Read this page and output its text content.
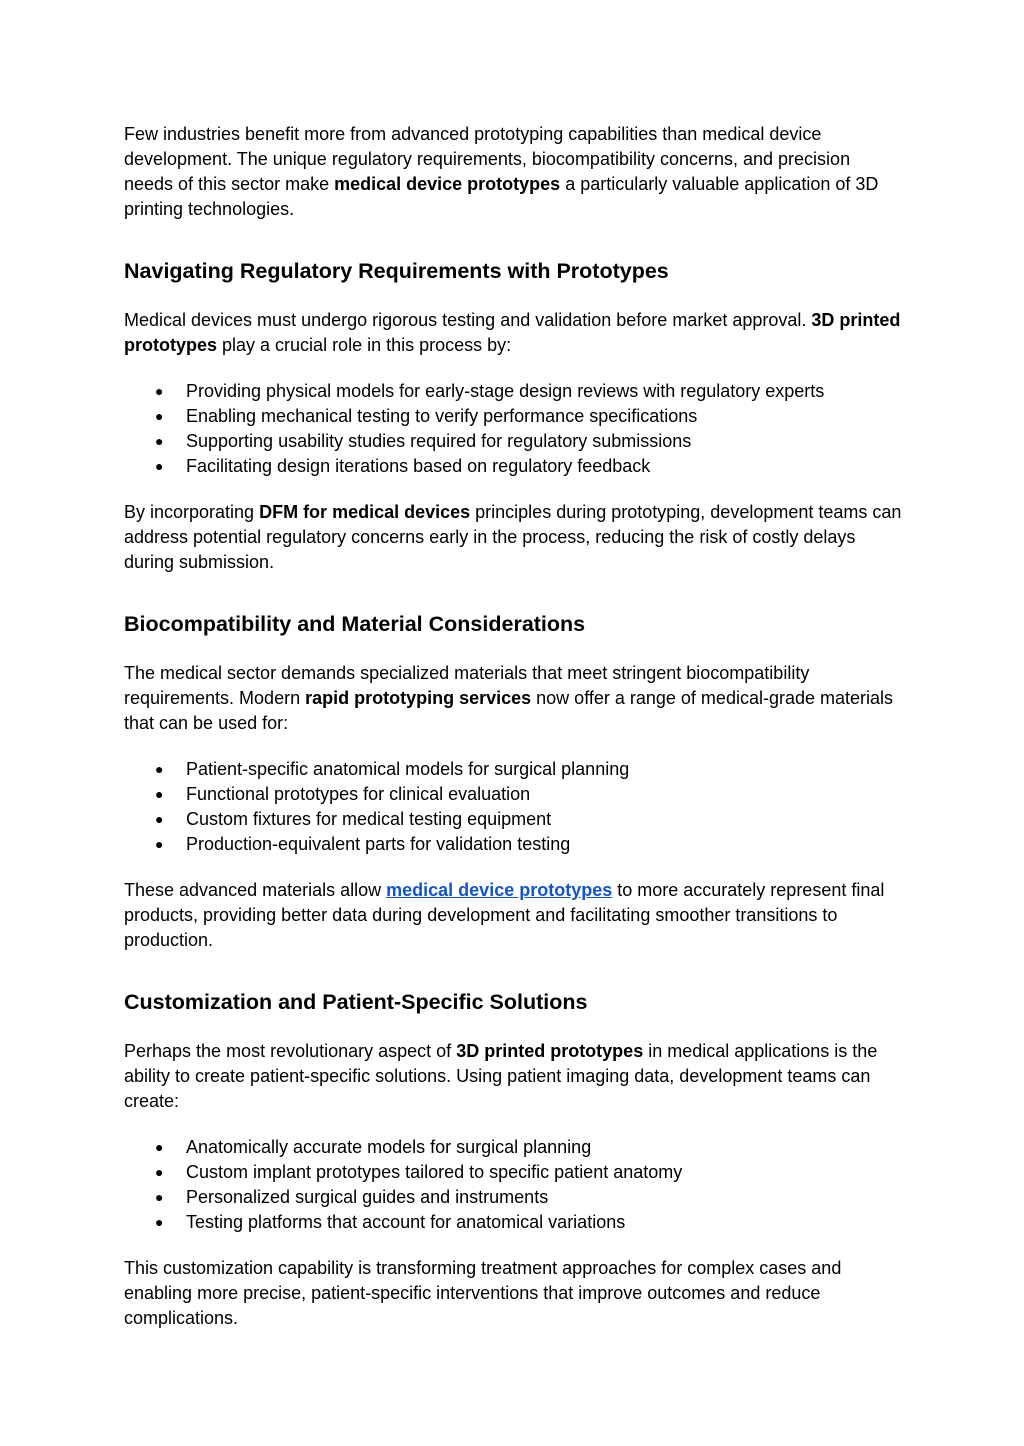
Few industries benefit more from advanced prototyping capabilities than medical device development. The unique regulatory requirements, biocompatibility concerns, and precision needs of this sector make medical device prototypes a particularly valuable application of 3D printing technologies.

Navigating Regulatory Requirements with Prototypes

Medical devices must undergo rigorous testing and validation before market approval. 3D printed prototypes play a crucial role in this process by:

● Providing physical models for early-stage design reviews with regulatory experts
● Enabling mechanical testing to verify performance specifications
● Supporting usability studies required for regulatory submissions
● Facilitating design iterations based on regulatory feedback

By incorporating DFM for medical devices principles during prototyping, development teams can address potential regulatory concerns early in the process, reducing the risk of costly delays during submission.

Biocompatibility and Material Considerations

The medical sector demands specialized materials that meet stringent biocompatibility requirements. Modern rapid prototyping services now offer a range of medical-grade materials that can be used for:

● Patient-specific anatomical models for surgical planning
● Functional prototypes for clinical evaluation
● Custom fixtures for medical testing equipment
● Production-equivalent parts for validation testing

These advanced materials allow medical device prototypes to more accurately represent final products, providing better data during development and facilitating smoother transitions to production.

Customization and Patient-Specific Solutions

Perhaps the most revolutionary aspect of 3D printed prototypes in medical applications is the ability to create patient-specific solutions. Using patient imaging data, development teams can create:

● Anatomically accurate models for surgical planning
● Custom implant prototypes tailored to specific patient anatomy
● Personalized surgical guides and instruments
● Testing platforms that account for anatomical variations

This customization capability is transforming treatment approaches for complex cases and enabling more precise, patient-specific interventions that improve outcomes and reduce complications.
